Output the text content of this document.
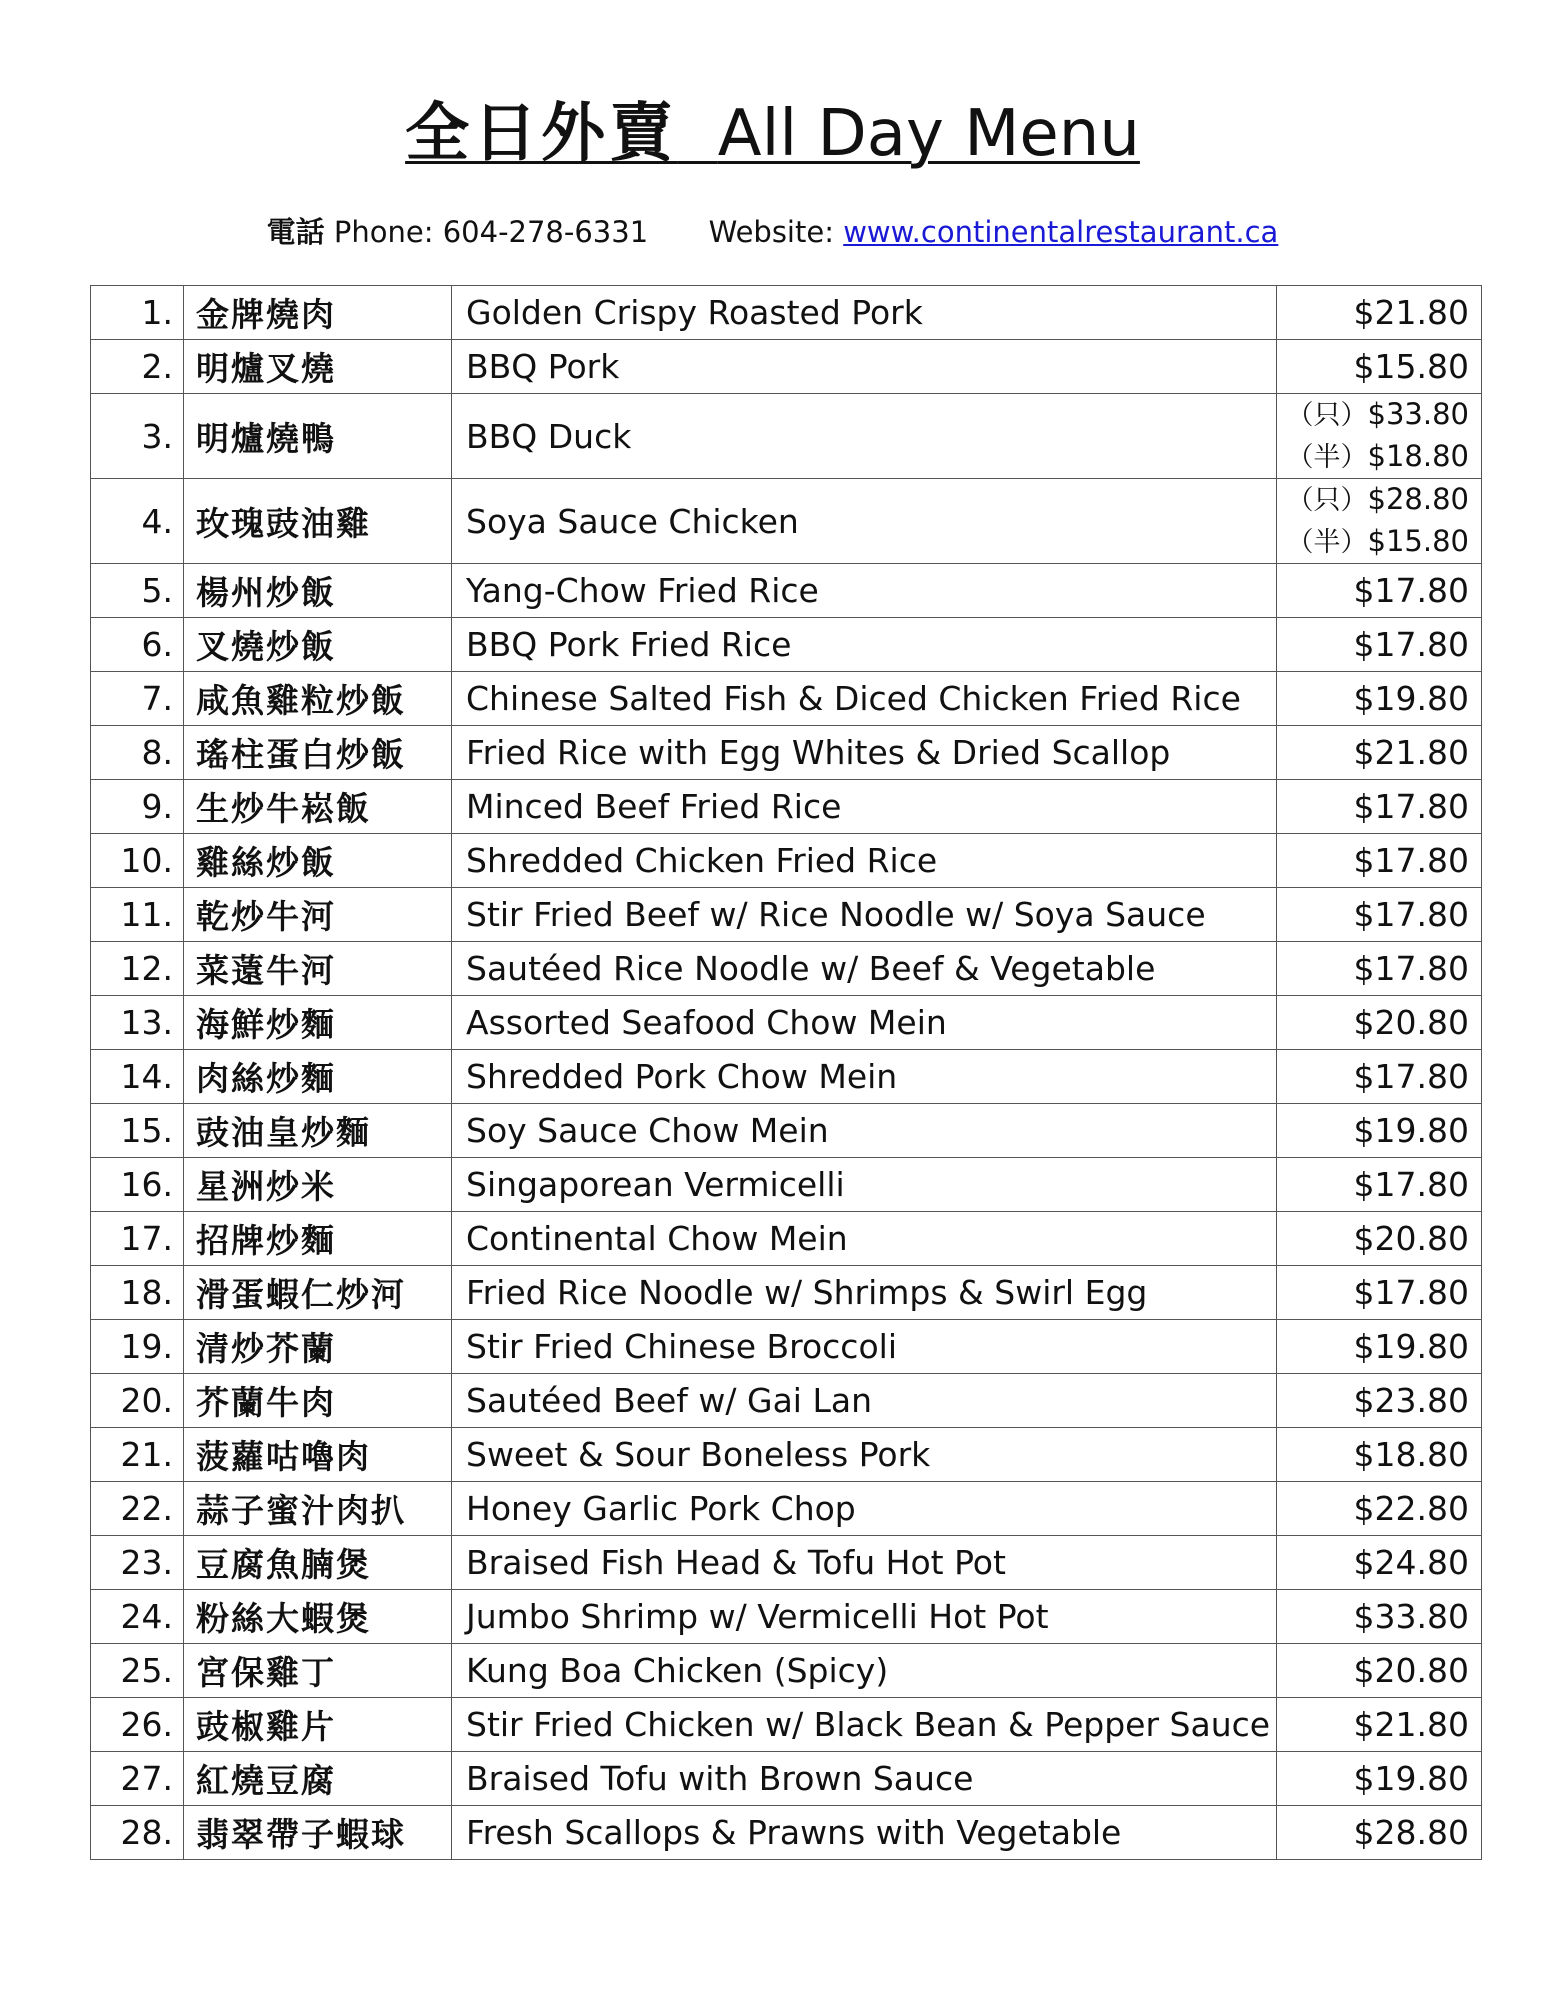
全日外賣 All Day Menu
電話 Phone: 604-278-6331 Website: www.continentalrestaurant.ca
1.	金牌燒肉	Golden Crispy Roasted Pork	$21.80
2.	明爐叉燒	BBQ Pork	$15.80
3.	明爐燒鴨	BBQ Duck	（只）$33.80
（半）$18.80

4.	玫瑰豉油雞	Soya Sauce Chicken	（只）$28.80
（半）$15.80

5.	楊州炒飯	Yang-Chow Fried Rice	$17.80
6.	叉燒炒飯	BBQ Pork Fried Rice	$17.80
7.	咸魚雞粒炒飯	Chinese Salted Fish & Diced Chicken Fried Rice	$19.80
8.	瑤柱蛋白炒飯	Fried Rice with Egg Whites & Dried Scallop	$21.80
9.	生炒牛崧飯	Minced Beef Fried Rice	$17.80
10.	雞絲炒飯	Shredded Chicken Fried Rice	$17.80
11.	乾炒牛河	Stir Fried Beef w/ Rice Noodle w/ Soya Sauce	$17.80
12.	菜薳牛河	Sautéed Rice Noodle w/ Beef & Vegetable	$17.80
13.	海鮮炒麵	Assorted Seafood Chow Mein	$20.80
14.	肉絲炒麵	Shredded Pork Chow Mein	$17.80
15.	豉油皇炒麵	Soy Sauce Chow Mein	$19.80
16.	星洲炒米	Singaporean Vermicelli	$17.80
17.	招牌炒麵	Continental Chow Mein	$20.80
18.	滑蛋蝦仁炒河	Fried Rice Noodle w/ Shrimps & Swirl Egg	$17.80
19.	清炒芥蘭	Stir Fried Chinese Broccoli	$19.80
20.	芥蘭牛肉	Sautéed Beef w/ Gai Lan	$23.80
21.	菠蘿咕嚕肉	Sweet & Sour Boneless Pork	$18.80
22.	蒜子蜜汁肉扒	Honey Garlic Pork Chop	$22.80
23.	豆腐魚腩煲	Braised Fish Head & Tofu Hot Pot	$24.80
24.	粉絲大蝦煲	Jumbo Shrimp w/ Vermicelli Hot Pot	$33.80
25.	宮保雞丁	Kung Boa Chicken (Spicy)	$20.80
26.	豉椒雞片	Stir Fried Chicken w/ Black Bean & Pepper Sauce	$21.80
27.	紅燒豆腐	Braised Tofu with Brown Sauce	$19.80
28.	翡翠帶子蝦球	Fresh Scallops & Prawns with Vegetable	$28.80
